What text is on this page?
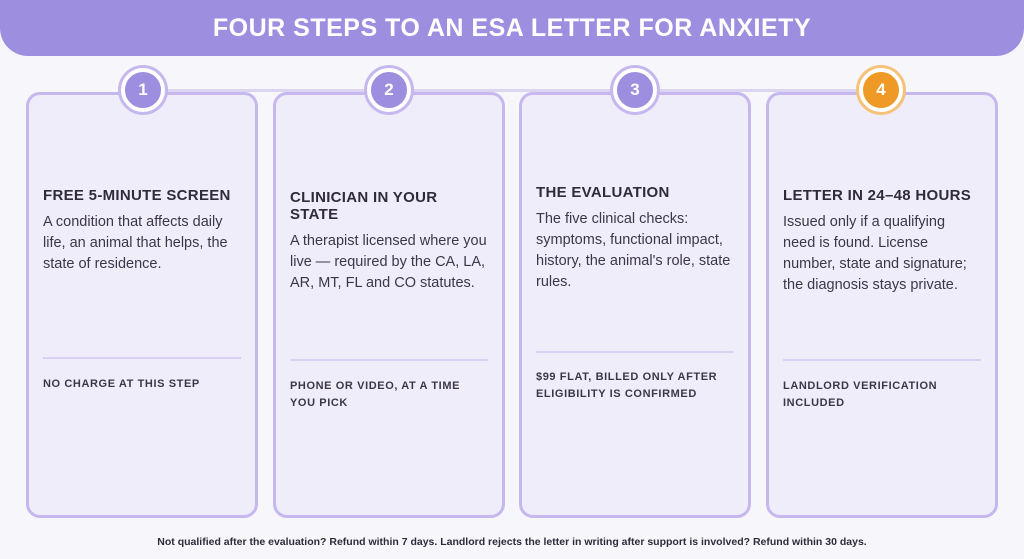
FOUR STEPS TO AN ESA LETTER FOR ANXIETY
1
FREE 5-MINUTE SCREEN
A condition that affects daily life, an animal that helps, the state of residence.
NO CHARGE AT THIS STEP
2
CLINICIAN IN YOUR STATE
A therapist licensed where you live — required by the CA, LA, AR, MT, FL and CO statutes.
PHONE OR VIDEO, AT A TIME YOU PICK
3
THE EVALUATION
The five clinical checks: symptoms, functional impact, history, the animal's role, state rules.
$99 FLAT, BILLED ONLY AFTER ELIGIBILITY IS CONFIRMED
4
LETTER IN 24–48 HOURS
Issued only if a qualifying need is found. License number, state and signature; the diagnosis stays private.
LANDLORD VERIFICATION INCLUDED
Not qualified after the evaluation? Refund within 7 days. Landlord rejects the letter in writing after support is involved? Refund within 30 days.
